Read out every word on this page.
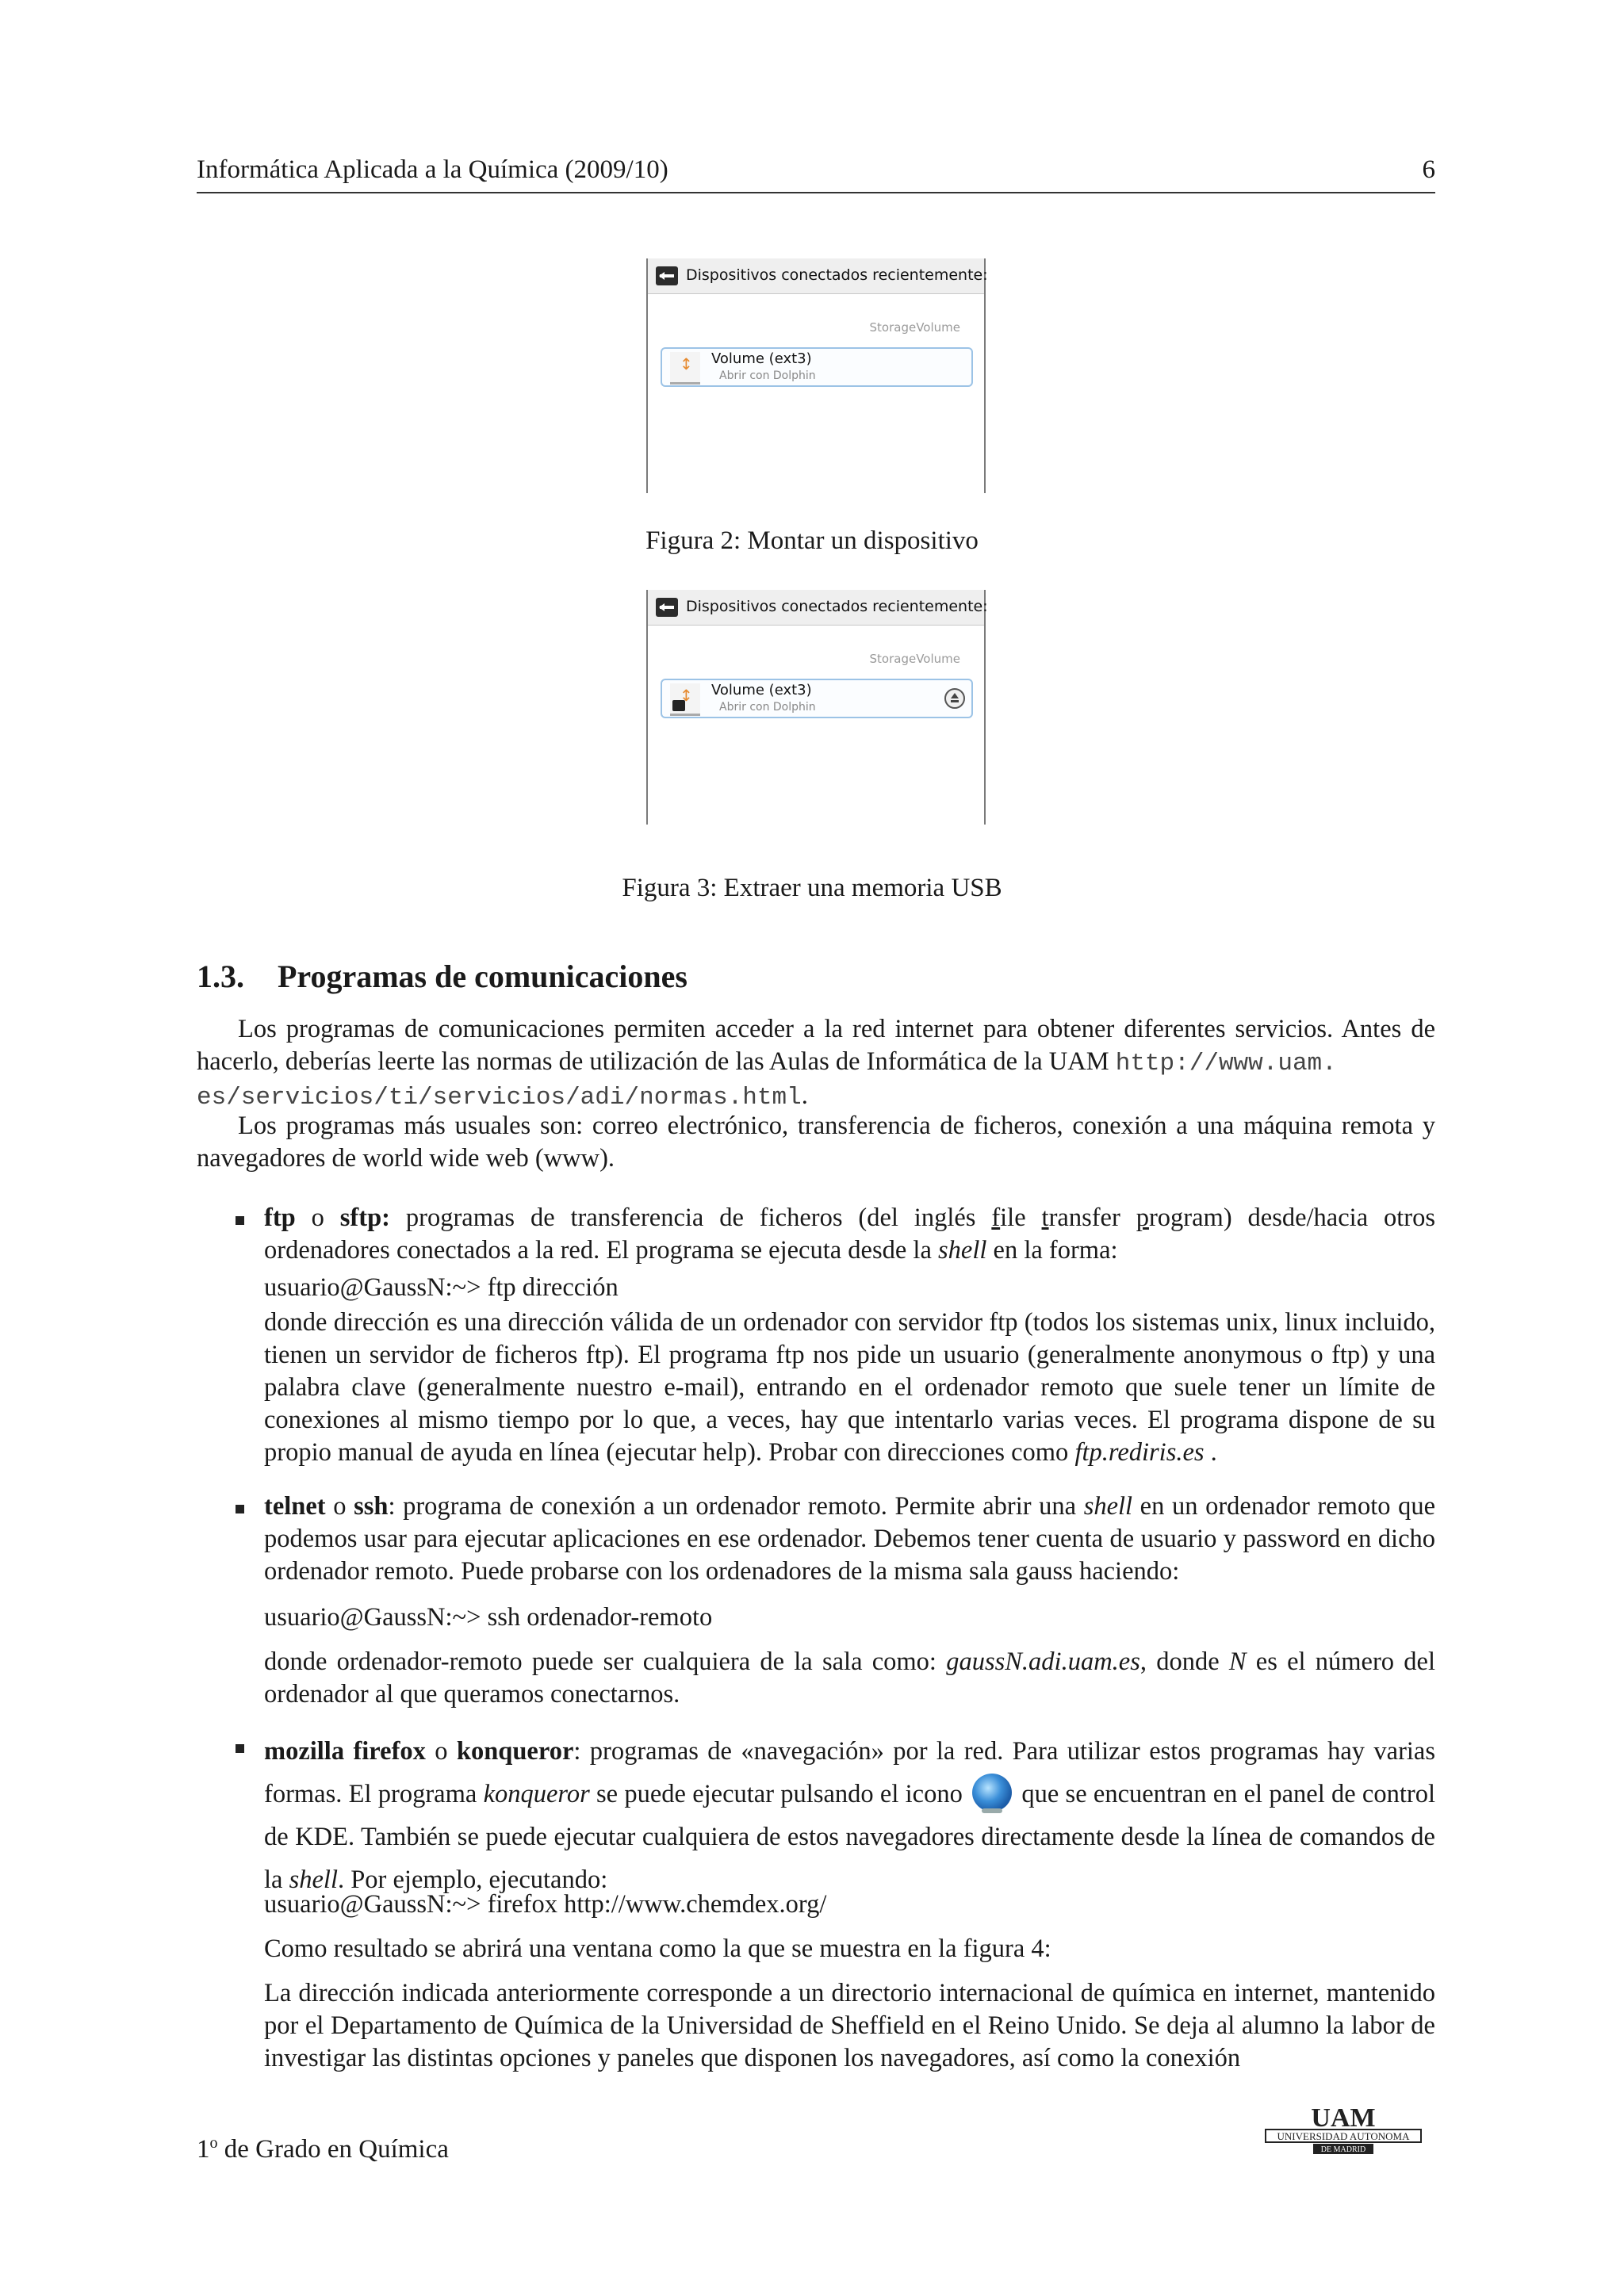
Informática Aplicada a la Química (2009/10)	6
Dispositivos conectados recientemente:
StorageVolume
↕
Volume (ext3)
Abrir con Dolphin
Figura 2: Montar un dispositivo
Dispositivos conectados recientemente:
StorageVolume
↕
Volume (ext3)
Abrir con Dolphin
Figura 3: Extraer una memoria USB
1.3. Programas de comunicaciones
Los programas de comunicaciones permiten acceder a la red internet para obtener diferentes servicios. Antes de hacerlo, deberías leerte las normas de utilización de las Aulas de Informática de la UAM http://www.uam.
es/servicios/ti/servicios/adi/normas.html.
Los programas más usuales son: correo electrónico, transferencia de ficheros, conexión a una máquina remota y navegadores de world wide web (www).
ftp o sftp: programas de transferencia de ficheros (del inglés file transfer program) desde/hacia otros ordenadores conectados a la red. El programa se ejecuta desde la shell en la forma:
usuario@GaussN:~> ftp dirección
donde dirección es una dirección válida de un ordenador con servidor ftp (todos los sistemas unix, linux incluido, tienen un servidor de ficheros ftp). El programa ftp nos pide un usuario (generalmente anonymous o ftp) y una palabra clave (generalmente nuestro e-mail), entrando en el ordenador remoto que suele tener un límite de conexiones al mismo tiempo por lo que, a veces, hay que intentarlo varias veces. El programa dispone de su propio manual de ayuda en línea (ejecutar help). Probar con direcciones como ftp.rediris.es .
telnet o ssh: programa de conexión a un ordenador remoto. Permite abrir una shell en un ordenador remoto que podemos usar para ejecutar aplicaciones en ese ordenador. Debemos tener cuenta de usuario y password en dicho ordenador remoto. Puede probarse con los ordenadores de la misma sala gauss haciendo:
usuario@GaussN:~> ssh ordenador-remoto
donde ordenador-remoto puede ser cualquiera de la sala como: gaussN.adi.uam.es, donde N es el número del ordenador al que queramos conectarnos.
mozilla firefox o konqueror: programas de «navegación» por la red. Para utilizar estos programas hay varias formas. El programa konqueror se puede ejecutar pulsando el icono  que se encuentran en el panel de control de KDE. También se puede ejecutar cualquiera de estos navegadores directamente desde la línea de comandos de la shell. Por ejemplo, ejecutando:
usuario@GaussN:~> firefox http://www.chemdex.org/
Como resultado se abrirá una ventana como la que se muestra en la figura 4:
La dirección indicada anteriormente corresponde a un directorio internacional de química en internet, mantenido por el Departamento de Química de la Universidad de Sheffield en el Reino Unido. Se deja al alumno la labor de investigar las distintas opciones y paneles que disponen los navegadores, así como la conexión
1$^o$ de Grado en Química
UAM
UNIVERSIDAD AUTONOMA
DE MADRID
